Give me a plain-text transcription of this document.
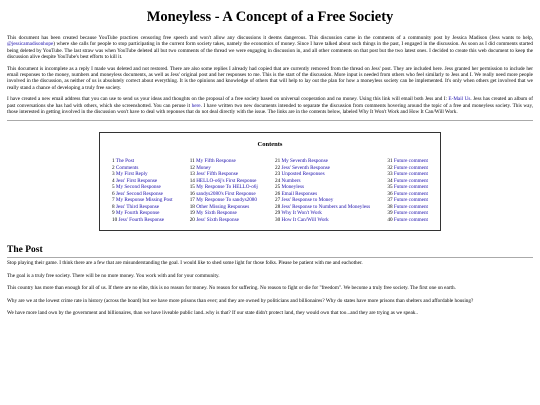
Moneyless - A Concept of a Free Society

This document has been created because YouTube practices censoring free speech and won't allow any discussions it deems dangerous. This discussion came in the comments of a community post by Jessica Madison (Jess wants to help, @jessicamadisonhope) where she calls for people to stop participating in the current form society takes, namely the economics of money. Since I have talked about such things in the past, I engaged in the discussion. As soon as I did comments started being deleted by YouTube. The last straw was when YouTube deleted all but two comments of the thread we were engaging in discussion in, and all other comments on that post but the two latest ones. I decided to create this web document to keep the discussion alive despite YouTube's best efforts to kill it.

This document is incomplete as a reply I made was deleted and not restored. There are also some replies I already had copied that are currently removed from the thread on Jess' post. They are included here. Jess granted her permission to include her email responses to the money, numbers and moneyless documents, as well as Jess' original post and her responses to me. This is the start of the discussion. More input is needed from others who feel similarly to Jess and I. We really need more people involved in the discussion, as neither of us is absolutely correct about everything. It is the opinions and knowledge of others that will help to lay out the plan for how a moneyless society can be implemented. It's only when others get involved that we really stand a chance of developing a truly free society.

I have created a new email address that you can use to send us your ideas and thoughts on the proposal of a free society based on universal cooperation and no money. Using this link will email both Jess and I: E-Mail Us. Jess has created an album of past conversations she has had with others, which she screenshotted. You can peruse it here. I have written two new documents intended to separate the discussion from comments hovering around the topic of a free and moneyless society. This way, those interested in getting involved in the discussion won't have to deal with reponses that do not deal directly with the issue. The links are in the contents below, labeled Why It Won't Work and How It Can/Will Work.

Contents
1 The Post
2 Comments
3 My First Reply
4 Jess' First Response
5 My Second Response
6 Jess' Second Response
7 My Response Missing Post
8 Jess' Third Response
9 My Fourth Response
10 Jess' Fourth Response
11 My Fifth Response
12 Money
13 Jess' Fifth Response
14 HELLO-o6j's First Response
15 My Response To HELLO-o6j
16 sandys2080's First Response
17 My Response To sandys2080
18 Other Missing Responses
19 My Sixth Response
20 Jess' Sixth Response
21 My Seventh Response
22 Jess' Seventh Response
23 Unposted Responses
24 Numbers
25 Moneyless
26 Email Responses
27 Jess' Response to Money
28 Jess' Response to Numbers and Moneyless
29 Why It Won't Work
30 How It Can/Will Work
31 Future comment
32 Future comment
33 Future comment
34 Future comment
35 Future comment
36 Future comment
37 Future comment
38 Future comment
39 Future comment
40 Future comment
The Post

Stop playing their game. I think there are a few that are misunderstanding the goal. I would like to shed some light for those folks. Please be patient with me and eachother.

The goal is a truly free society. There will be no more money. You work with and for your community.

This country has more than enough for all of us. If there are no elite, this is no reason for money. No reason for suffering. No reason to fight or die for "freedom". We become a truly free society. The first one on earth.

Why are we at the lowest crime rate in history (across the board) but we have more prisons than ever; and they are owned by politicians and billionaires? Why do states have more prisons than shelters and affordable housing?

We have more land own by the government and billionaires, than we have liveable public land..why is that? If our state didn't protect land, they would own that too...and they are trying as we speak..
